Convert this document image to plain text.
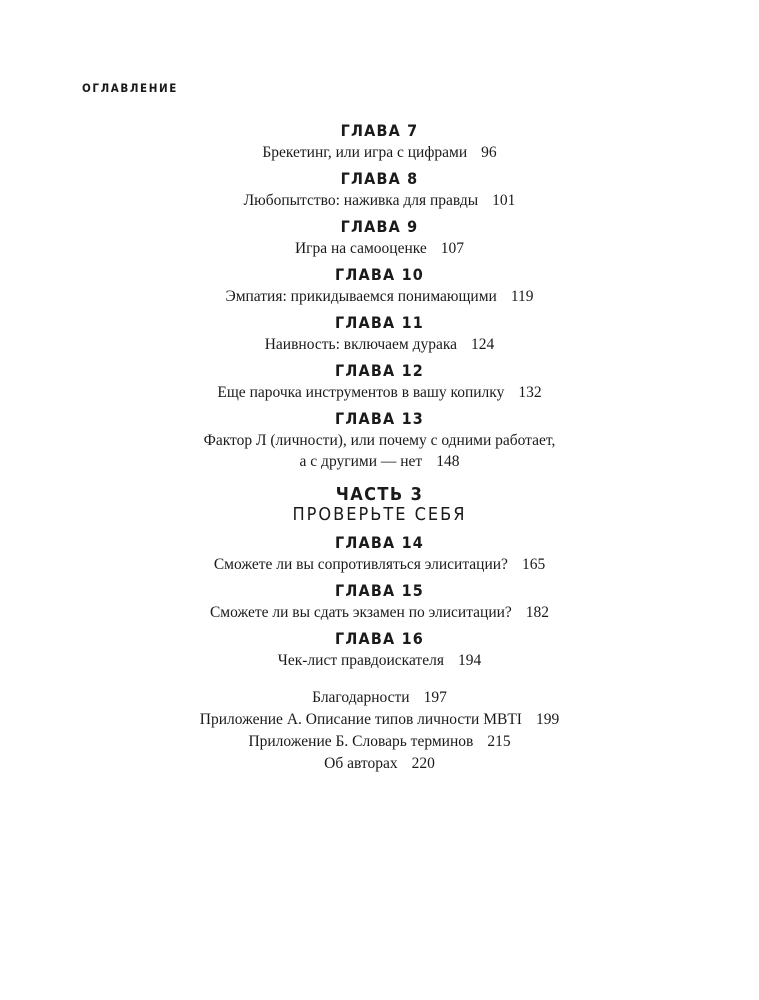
ОГЛАВЛЕНИЕ
ГЛАВА 7
Брекетинг, или игра с цифрами 96
ГЛАВА 8
Любопытство: наживка для правды 101
ГЛАВА 9
Игра на самооценке 107
ГЛАВА 10
Эмпатия: прикидываемся понимающими 119
ГЛАВА 11
Наивность: включаем дурака 124
ГЛАВА 12
Еще парочка инструментов в вашу копилку 132
ГЛАВА 13
Фактор Л (личности), или почему с одними работает,
а с другими — нет 148
ЧАСТЬ 3
ПРОВЕРЬТЕ СЕБЯ
ГЛАВА 14
Сможете ли вы сопротивляться элиситации? 165
ГЛАВА 15
Сможете ли вы сдать экзамен по элиситации? 182
ГЛАВА 16
Чек-лист правдоискателя 194
Благодарности 197
Приложение А. Описание типов личности MBTI 199
Приложение Б. Словарь терминов 215
Об авторах 220
